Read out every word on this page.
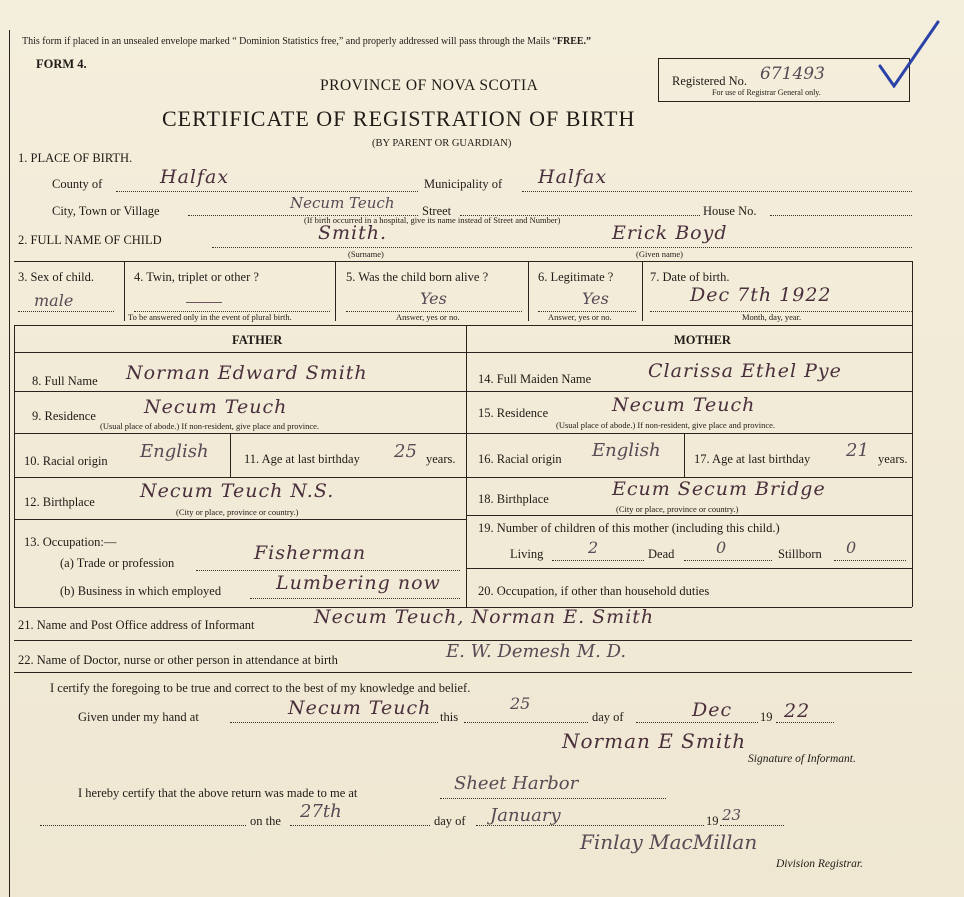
This form if placed in an unsealed envelope marked “ Dominion Statistics free,” and properly addressed will pass through the Mails “FREE.”
FORM 4.
PROVINCE OF NOVA SCOTIA
CERTIFICATE OF REGISTRATION OF BIRTH
(BY PARENT OR GUARDIAN)
Registered No. 671493
For use of Registrar General only.
1. PLACE OF BIRTH.
County of	Halfax	Municipality of Halfax
City, Town or Village	Necum Teuch Street	House No.
(If birth occurred in a hospital, give its name instead of Street and Number)
2. FULL NAME OF CHILD	Smith.
(Surname)
Erick Boyd
(Given name)
3. Sex of child.
male
4. Twin, triplet or other ?
To be answered only in the event of plural birth.
5. Was the child born alive ?
Yes
Answer, yes or no.
6. Legitimate ?
Yes
Answer, yes or no.
7. Date of birth.
Dec 7th 1922
Month, day, year.
FATHER	MOTHER
8. Full Name Norman Edward Smith
9. Residence	Necum Teuch
(Usual place of abode.) If non-resident, give place and province.
10. Racial origin English	11. Age at last birthday 25 years.
12. Birthplace Necum Teuch N.S.
(City or place, province or country.)
13. Occupation:—
(a) Trade or profession	Fisherman
(b) Business in which employed	Lumbering now
14. Full Maiden Name	Clarissa Ethel Pye
15. Residence	Necum Teuch
(Usual place of abode.) If non-resident, give place and province.
16. Racial origin English	17. Age at last birthday 21 years.
18. Birthplace	Ecum Secum Bridge
(City or place, province or country.)
19. Number of children of this mother (including this child.)
Living	2	Dead	0	Stillborn 0
20. Occupation, if other than household duties
21. Name and Post Office address of Informant	Necum Teuch, Norman E. Smith
22. Name of Doctor, nurse or other person in attendance at birth	E. W. Demesh M. D.
I certify the foregoing to be true and correct to the best of my knowledge and belief.
Given under my hand at	Necum Teuch this
25
day of	Dec 19 22
Norman E Smith
Signature of Informant.
I hereby certify that the above return was made to me at	Sheet Harbor
on the 27th	day of January	19 23
Finlay MacMillan
Division Registrar.
